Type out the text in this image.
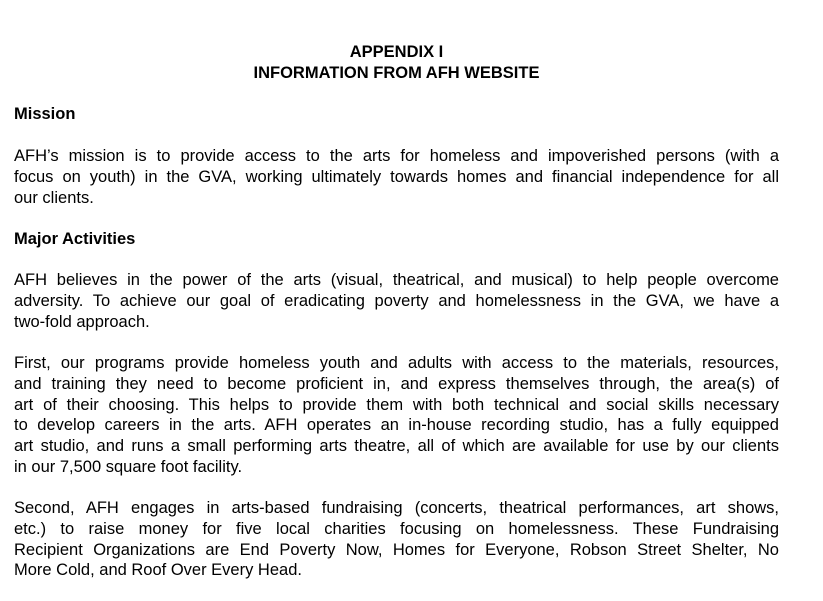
APPENDIX I
INFORMATION FROM AFH WEBSITE
Mission
AFH’s mission is to provide access to the arts for homeless and impoverished persons (with a
focus on youth) in the GVA, working ultimately towards homes and financial independence for all
our clients.
Major Activities
AFH believes in the power of the arts (visual, theatrical, and musical) to help people overcome
adversity. To achieve our goal of eradicating poverty and homelessness in the GVA, we have a
two-fold approach.
First, our programs provide homeless youth and adults with access to the materials, resources,
and training they need to become proficient in, and express themselves through, the area(s) of
art of their choosing. This helps to provide them with both technical and social skills necessary
to develop careers in the arts. AFH operates an in-house recording studio, has a fully equipped
art studio, and runs a small performing arts theatre, all of which are available for use by our clients
in our 7,500 square foot facility.
Second, AFH engages in arts-based fundraising (concerts, theatrical performances, art shows,
etc.) to raise money for five local charities focusing on homelessness. These Fundraising
Recipient Organizations are End Poverty Now, Homes for Everyone, Robson Street Shelter, No
More Cold, and Roof Over Every Head.
